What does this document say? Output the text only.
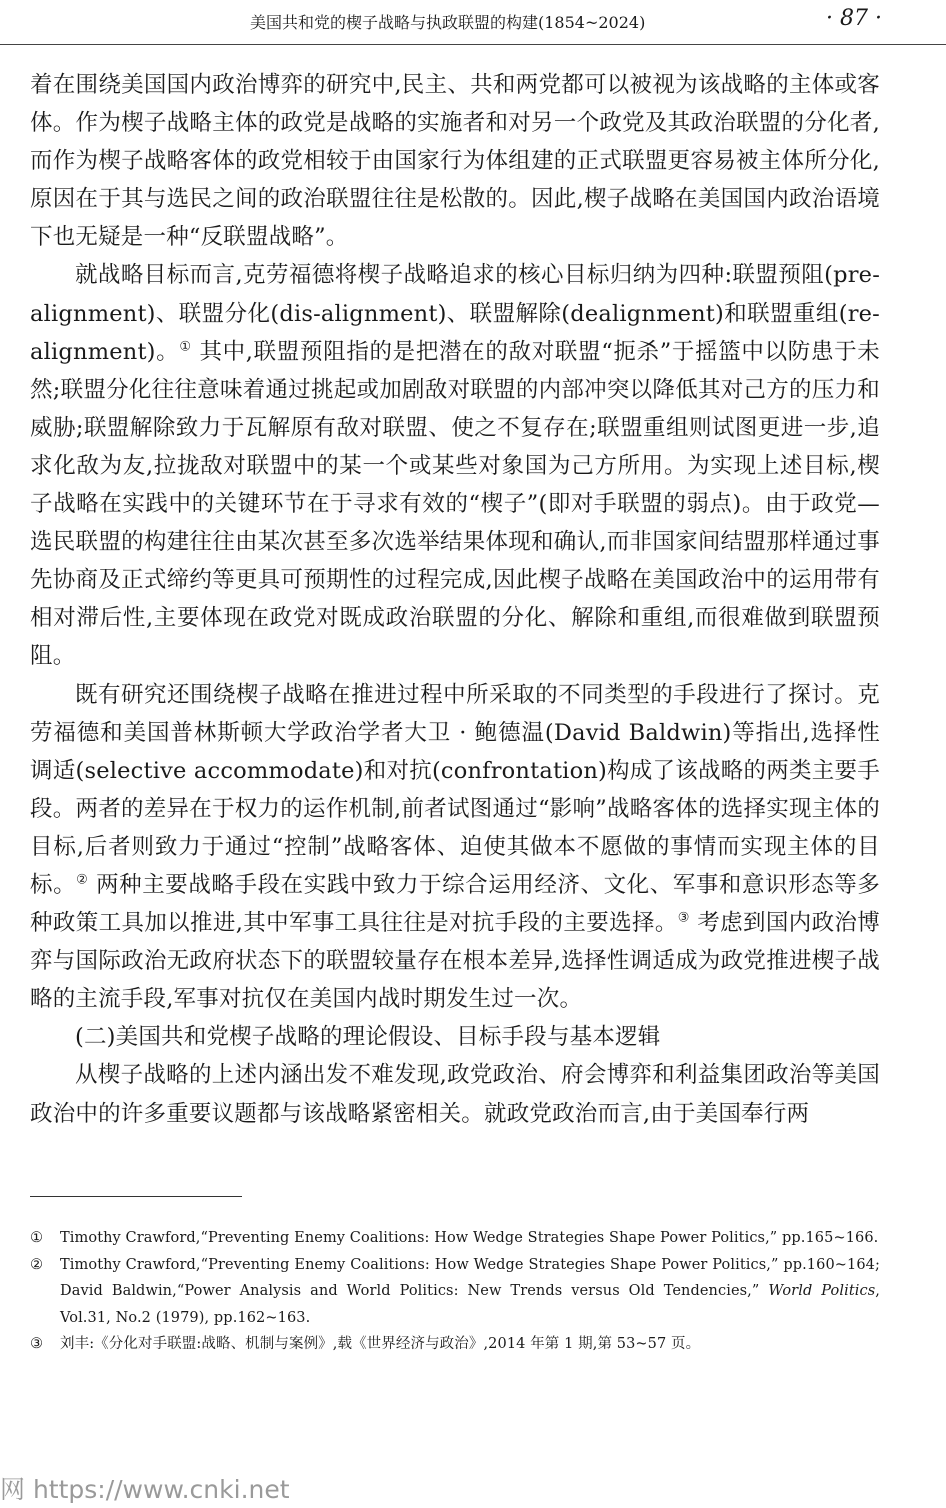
美国共和党的楔子战略与执政联盟的构建(1854~2024)	· 87 ·

着在围绕美国国内政治博弈的研究中,民主、共和两党都可以被视为该战略的主体或客体。作为楔子战略主体的政党是战略的实施者和对另一个政党及其政治联盟的分化者,而作为楔子战略客体的政党相较于由国家行为体组建的正式联盟更容易被主体所分化,原因在于其与选民之间的政治联盟往往是松散的。因此,楔子战略在美国国内政治语境下也无疑是一种“反联盟战略”。

就战略目标而言,克劳福德将楔子战略追求的核心目标归纳为四种:联盟预阻(pre-alignment)、联盟分化(dis-alignment)、联盟解除(dealignment)和联盟重组(re-alignment)。① 其中,联盟预阻指的是把潜在的敌对联盟“扼杀”于摇篮中以防患于未然;联盟分化往往意味着通过挑起或加剧敌对联盟的内部冲突以降低其对己方的压力和威胁;联盟解除致力于瓦解原有敌对联盟、使之不复存在;联盟重组则试图更进一步,追求化敌为友,拉拢敌对联盟中的某一个或某些对象国为己方所用。为实现上述目标,楔子战略在实践中的关键环节在于寻求有效的“楔子”(即对手联盟的弱点)。由于政党—选民联盟的构建往往由某次甚至多次选举结果体现和确认,而非国家间结盟那样通过事先协商及正式缔约等更具可预期性的过程完成,因此楔子战略在美国政治中的运用带有相对滞后性,主要体现在政党对既成政治联盟的分化、解除和重组,而很难做到联盟预阻。

既有研究还围绕楔子战略在推进过程中所采取的不同类型的手段进行了探讨。克劳福德和美国普林斯顿大学政治学者大卫 · 鲍德温(David Baldwin)等指出,选择性调适(selective accommodate)和对抗(confrontation)构成了该战略的两类主要手段。两者的差异在于权力的运作机制,前者试图通过“影响”战略客体的选择实现主体的目标,后者则致力于通过“控制”战略客体、迫使其做本不愿做的事情而实现主体的目标。② 两种主要战略手段在实践中致力于综合运用经济、文化、军事和意识形态等多种政策工具加以推进,其中军事工具往往是对抗手段的主要选择。③ 考虑到国内政治博弈与国际政治无政府状态下的联盟较量存在根本差异,选择性调适成为政党推进楔子战略的主流手段,军事对抗仅在美国内战时期发生过一次。

(二)美国共和党楔子战略的理论假设、目标手段与基本逻辑

从楔子战略的上述内涵出发不难发现,政党政治、府会博弈和利益集团政治等美国政治中的许多重要议题都与该战略紧密相关。就政党政治而言,由于美国奉行两

①	Timothy Crawford,“Preventing Enemy Coalitions: How Wedge Strategies Shape Power Politics,” pp.165~166.
②	Timothy Crawford,“Preventing Enemy Coalitions: How Wedge Strategies Shape Power Politics,” pp.160~164; David Baldwin,“Power Analysis and World Politics: New Trends versus Old Tendencies,” World Politics, Vol.31, No.2 (1979), pp.162~163.
③	刘丰:《分化对手联盟:战略、机制与案例》,载《世界经济与政治》,2014 年第 1 期,第 53~57 页。
网 https://www.cnki.net
